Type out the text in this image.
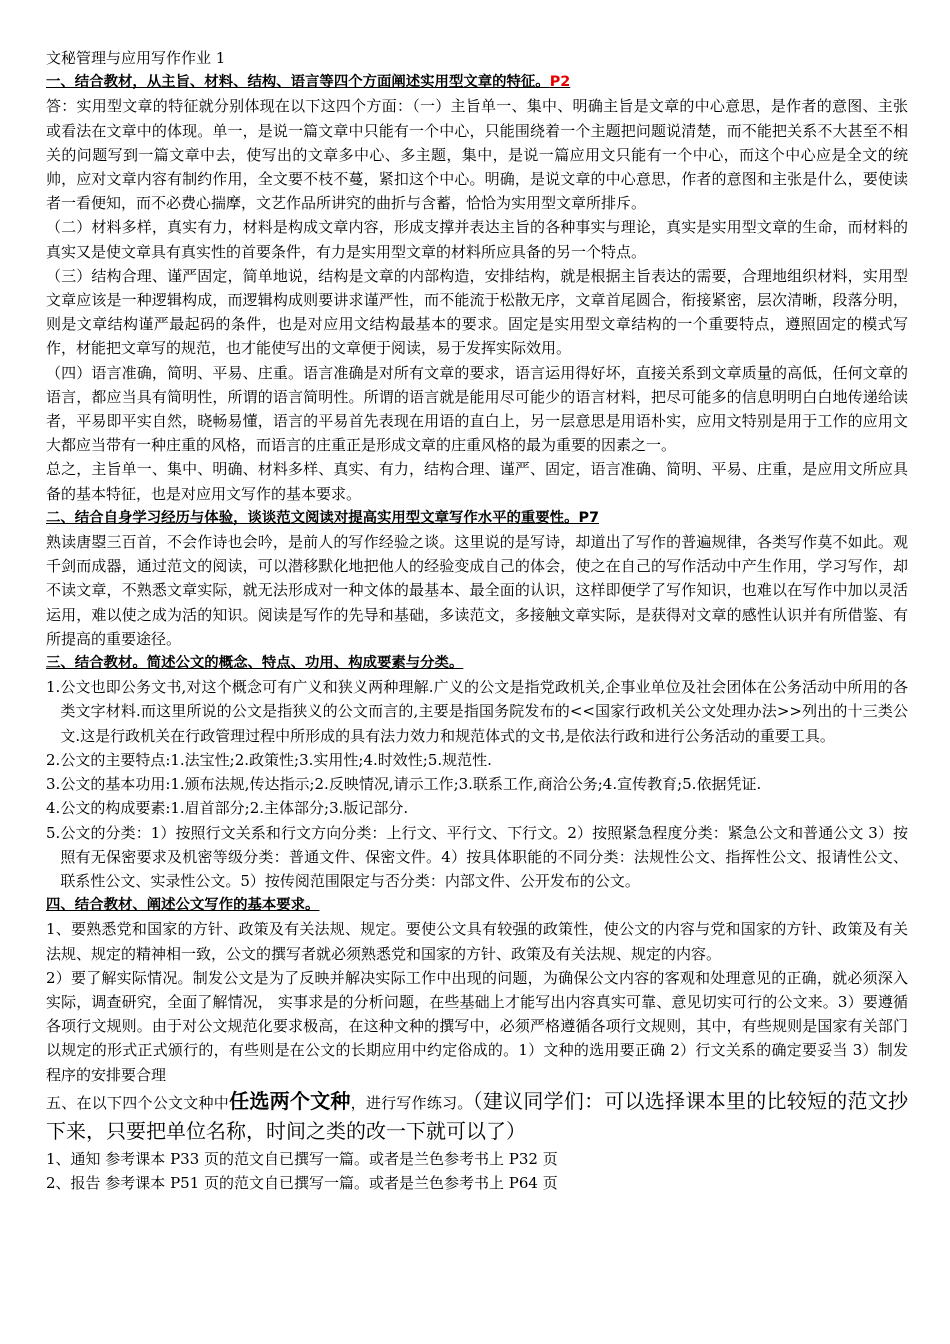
文秘管理与应用写作作业 1

一、结合教材，从主旨、材料、结构、语言等四个方面阐述实用型文章的特征。P2

答：实用型文章的特征就分别体现在以下这四个方面：（一）主旨单一、集中、明确主旨是文章的中心意思，是作者的意图、主张或看法在文章中的体现。单一，是说一篇文章中只能有一个中心，只能围绕着一个主题把问题说清楚，而不能把关系不大甚至不相关的问题写到一篇文章中去，使写出的文章多中心、多主题，集中，是说一篇应用文只能有一个中心，而这个中心应是全文的统帅，应对文章内容有制约作用，全文要不枝不蔓，紧扣这个中心。明确，是说文章的中心意思，作者的意图和主张是什么，要使读者一看便知，而不必费心揣摩，文艺作品所讲究的曲折与含蓄，恰恰为实用型文章所排斥。

（二）材料多样，真实有力，材料是构成文章内容，形成支撑并表达主旨的各种事实与理论，真实是实用型文章的生命，而材料的真实又是使文章具有真实性的首要条件，有力是实用型文章的材料所应具备的另一个特点。

（三）结构合理、谨严固定，简单地说，结构是文章的内部构造，安排结构，就是根据主旨表达的需要，合理地组织材料，实用型文章应该是一种逻辑构成，而逻辑构成则要讲求谨严性，而不能流于松散无序，文章首尾圆合，衔接紧密，层次清晰，段落分明，则是文章结构谨严最起码的条件，也是对应用文结构最基本的要求。固定是实用型文章结构的一个重要特点，遵照固定的模式写作，材能把文章写的规范，也才能使写出的文章便于阅读，易于发挥实际效用。

（四）语言准确，简明、平易、庄重。语言准确是对所有文章的要求，语言运用得好坏，直接关系到文章质量的高低，任何文章的语言，都应当具有简明性，所谓的语言简明性。所谓的语言就是能用尽可能少的语言材料，把尽可能多的信息明明白白地传递给读者，平易即平实自然，晓畅易懂，语言的平易首先表现在用语的直白上，另一层意思是用语朴实，应用文特别是用于工作的应用文大都应当带有一种庄重的风格，而语言的庄重正是形成文章的庄重风格的最为重要的因素之一。

总之，主旨单一、集中、明确、材料多样、真实、有力，结构合理、谨严、固定，语言准确、简明、平易、庄重，是应用文所应具备的基本特征，也是对应用文写作的基本要求。

二、结合自身学习经历与体验，谈谈范文阅读对提高实用型文章写作水平的重要性。P7

熟读唐曌三百首，不会作诗也会吟，是前人的写作经验之谈。这里说的是写诗，却道出了写作的普遍规律，各类写作莫不如此。观千剑而成器，通过范文的阅读，可以潜移默化地把他人的经验变成自己的体会，使之在自己的写作活动中产生作用，学习写作，却不读文章，不熟悉文章实际，就无法形成对一种文体的最基本、最全面的认识，这样即便学了写作知识，也难以在写作中加以灵活运用，难以使之成为活的知识。阅读是写作的先导和基础，多读范文，多接触文章实际，是获得对文章的感性认识并有所借鉴、有所提高的重要途径。

三、结合教材。简述公文的概念、特点、功用、构成要素与分类。

1. 公文也即公务文书,对这个概念可有广义和狭义两种理解.广义的公文是指党政机关,企事业单位及社会团体在公务活动中所用的各类文字材料.而这里所说的公文是指狭义的公文而言的,主要是指国务院发布的<<国家行政机关公文处理办法>>列出的十三类公文.这是行政机关在行政管理过程中所形成的具有法力效力和规范体式的文书,是依法行政和进行公务活动的重要工具。
2. 公文的主要特点:1.法宝性;2.政策性;3.实用性;4.时效性;5.规范性.
3. 公文的基本功用:1.颁布法规,传达指示;2.反映情况,请示工作;3.联系工作,商洽公务;4.宣传教育;5.依据凭证.
4. 公文的构成要素:1.眉首部分;2.主体部分;3.版记部分.
5. 公文的分类：1）按照行文关系和行文方向分类：上行文、平行文、下行文。2）按照紧急程度分类：紧急公文和普通公文 3）按照有无保密要求及机密等级分类：普通文件、保密文件。4）按具体职能的不同分类：法规性公文、指挥性公文、报请性公文、联系性公文、实录性公文。5）按传阅范围限定与否分类：内部文件、公开发布的公文。

四、结合教材、阐述公文写作的基本要求。

1、要熟悉党和国家的方针、政策及有关法规、规定。要使公文具有较强的政策性，使公文的内容与党和国家的方针、政策及有关法规、规定的精神相一致，公文的撰写者就必须熟悉党和国家的方针、政策及有关法规、规定的内容。

2）要了解实际情况。制发公文是为了反映并解决实际工作中出现的问题，为确保公文内容的客观和处理意见的正确，就必须深入实际，调查研究，全面了解情况， 实事求是的分析问题，在些基础上才能写出内容真实可靠、意见切实可行的公文来。3）要遵循各项行文规则。由于对公文规范化要求极高，在这种文种的撰写中，必须严格遵循各项行文规则，其中，有些规则是国家有关部门以规定的形式正式颁行的，有些则是在公文的长期应用中约定俗成的。1）文种的选用要正确 2）行文关系的确定要妥当 3）制发程序的安排要合理

五、在以下四个公文文种中任选两个文种，进行写作练习。（建议同学们：可以选择课本里的比较短的范文抄下来，只要把单位名称，时间之类的改一下就可以了）

1、通知 参考课本 P33 页的范文自已撰写一篇。或者是兰色参考书上 P32 页

2、报告 参考课本 P51 页的范文自已撰写一篇。或者是兰色参考书上 P64 页
